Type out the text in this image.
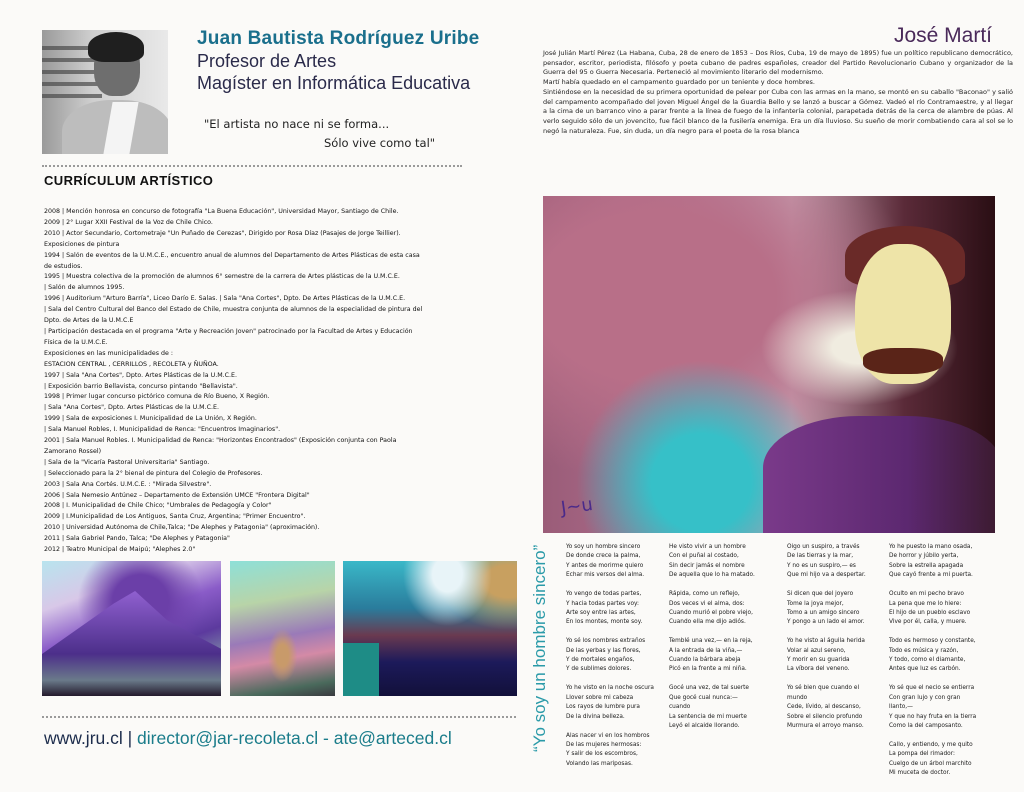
Juan Bautista Rodríguez Uribe
Profesor de Artes
Magíster en Informática Educativa
"El artista no nace ni se forma...
Sólo vive como tal"
CURRÍCULUM ARTÍSTICO
2008 | Mención honrosa en concurso de fotografía "La Buena Educación", Universidad Mayor, Santiago de Chile.
2009 | 2° Lugar XXII Festival de la Voz de Chile Chico.
2010 | Actor Secundario, Cortometraje "Un Puñado de Cerezas", Dirigido por Rosa Díaz (Pasajes de Jorge Teillier).
Exposiciones de pintura
1994 | Salón de eventos de la U.M.C.E., encuentro anual de alumnos del Departamento de Artes Plásticas de esta casa
de estudios.
1995 | Muestra colectiva de la promoción de alumnos 6° semestre de la carrera de Artes plásticas de la U.M.C.E.
| Salón de alumnos 1995.
1996 | Auditorium "Arturo Barría", Liceo Darío E. Salas. | Sala "Ana Cortes", Dpto. De Artes Plásticas de la U.M.C.E.
| Sala del Centro Cultural del Banco del Estado de Chile, muestra conjunta de alumnos de la especialidad de pintura del
Dpto. de Artes de la U.M.C.E
| Participación destacada en el programa "Arte y Recreación Joven" patrocinado por la Facultad de Artes y Educación
Física de la U.M.C.E.
Exposiciones en las municipalidades de :
ESTACION CENTRAL , CERRILLOS , RECOLETA y ÑUÑOA.
1997 | Sala "Ana Cortes", Dpto. Artes Plásticas de la U.M.C.E.
| Exposición barrio Bellavista, concurso pintando "Bellavista".
1998 | Primer lugar concurso pictórico comuna de Río Bueno, X Región.
| Sala "Ana Cortes", Dpto. Artes Plásticas de la U.M.C.E.
1999 | Sala de exposiciones I. Municipalidad de La Unión, X Región.
| Sala Manuel Robles, I. Municipalidad de Renca: "Encuentros Imaginarios".
2001 | Sala Manuel Robles. I. Municipalidad de Renca: "Horizontes Encontrados" (Exposición conjunta con Paola
Zamorano Rossel)
| Sala de la "Vicaría Pastoral Universitaria" Santiago.
| Seleccionado para la 2° bienal de pintura del Colegio de Profesores.
2003 | Sala Ana Cortés. U.M.C.E. : "Mirada Silvestre".
2006 | Sala Nemesio Antúnez – Departamento de Extensión UMCE "Frontera Digital"
2008 | I. Municipalidad de Chile Chico; "Umbrales de Pedagogía y Color"
2009 | I.Municipalidad de Los Antiguos, Santa Cruz, Argentina; "Primer Encuentro".
2010 | Universidad Autónoma de Chile,Talca; "De Alephes y Patagonia" (aproximación).
2011 | Sala Gabriel Pando, Talca; "De Alephes y Patagonia"
2012 | Teatro Municipal de Maipú; "Alephes 2.0"
www.jru.cl | director@jar-recoleta.cl - ate@arteced.cl
José Martí

José Julián Martí Pérez (La Habana, Cuba, 28 de enero de 1853 – Dos Ríos, Cuba, 19 de mayo de 1895) fue un político republicano democrático, pensador, escritor, periodista, filósofo y poeta cubano de padres españoles, creador del Partido Revolucionario Cubano y organizador de la Guerra del 95 o Guerra Necesaria. Perteneció al movimiento literario del modernismo.

Martí había quedado en el campamento guardado por un teniente y doce hombres.

Sintiéndose en la necesidad de su primera oportunidad de pelear por Cuba con las armas en la mano, se montó en su caballo "Baconao" y salió del campamento acompañado del joven Miguel Ángel de la Guardia Bello y se lanzó a buscar a Gómez. Vadeó el río Contramaestre, y al llegar a la cima de un barranco vino a parar frente a la línea de fuego de la infantería colonial, parapetada detrás de la cerca de alambre de púas. Al verlo seguido sólo de un jovencito, fue fácil blanco de la fusilería enemiga. Era un día lluvioso. Su sueño de morir combatiendo cara al sol se lo negó la naturaleza. Fue, sin duda, un día negro para el poeta de la rosa blanca

J~u
“Yo soy un hombre sincero”	Yo soy un hombre sincero
De donde crece la palma,
Y antes de morirme quiero
Echar mis versos del alma.
Yo vengo de todas partes,
Y hacia todas partes voy:
Arte soy entre las artes,
En los montes, monte soy.
Yo sé los nombres extraños
De las yerbas y las flores,
Y de mortales engaños,
Y de sublimes dolores.
Yo he visto en la noche oscura
Llover sobre mi cabeza
Los rayos de lumbre pura
De la divina belleza.
Alas nacer vi en los hombros
De las mujeres hermosas:
Y salir de los escombros,
Volando las mariposas.
He visto vivir a un hombre
Con el puñal al costado,
Sin decir jamás el nombre
De aquella que lo ha matado.
Rápida, como un reflejo,
Dos veces vi el alma, dos:
Cuando murió el pobre viejo,
Cuando ella me dijo adiós.
Temblé una vez,— en la reja,
A la entrada de la viña,—
Cuando la bárbara abeja
Picó en la frente a mi niña.
Gocé una vez, de tal suerte
Que gocé cual nunca:—
cuando
La sentencia de mi muerte
Leyó el alcaide llorando.
Oigo un suspiro, a través
De las tierras y la mar,
Y no es un suspiro,— es
Que mi hijo va a despertar.
Si dicen que del joyero
Tome la joya mejor,
Tomo a un amigo sincero
Y pongo a un lado el amor.
Yo he visto al águila herida
Volar al azul sereno,
Y morir en su guarida
La víbora del veneno.
Yo sé bien que cuando el
mundo
Cede, lívido, al descanso,
Sobre el silencio profundo
Murmura el arroyo manso.
Yo he puesto la mano osada,
De horror y júbilo yerta,
Sobre la estrella apagada
Que cayó frente a mi puerta.
Oculto en mi pecho bravo
La pena que me lo hiere:
El hijo de un pueblo esclavo
Vive por él, calla, y muere.
Todo es hermoso y constante,
Todo es música y razón,
Y todo, como el diamante,
Antes que luz es carbón.
Yo sé que el necio se entierra
Con gran lujo y con gran
llanto,—
Y que no hay fruta en la tierra
Como la del camposanto.
Callo, y entiendo, y me quito
La pompa del rimador:
Cuelgo de un árbol marchito
Mi muceta de doctor.
